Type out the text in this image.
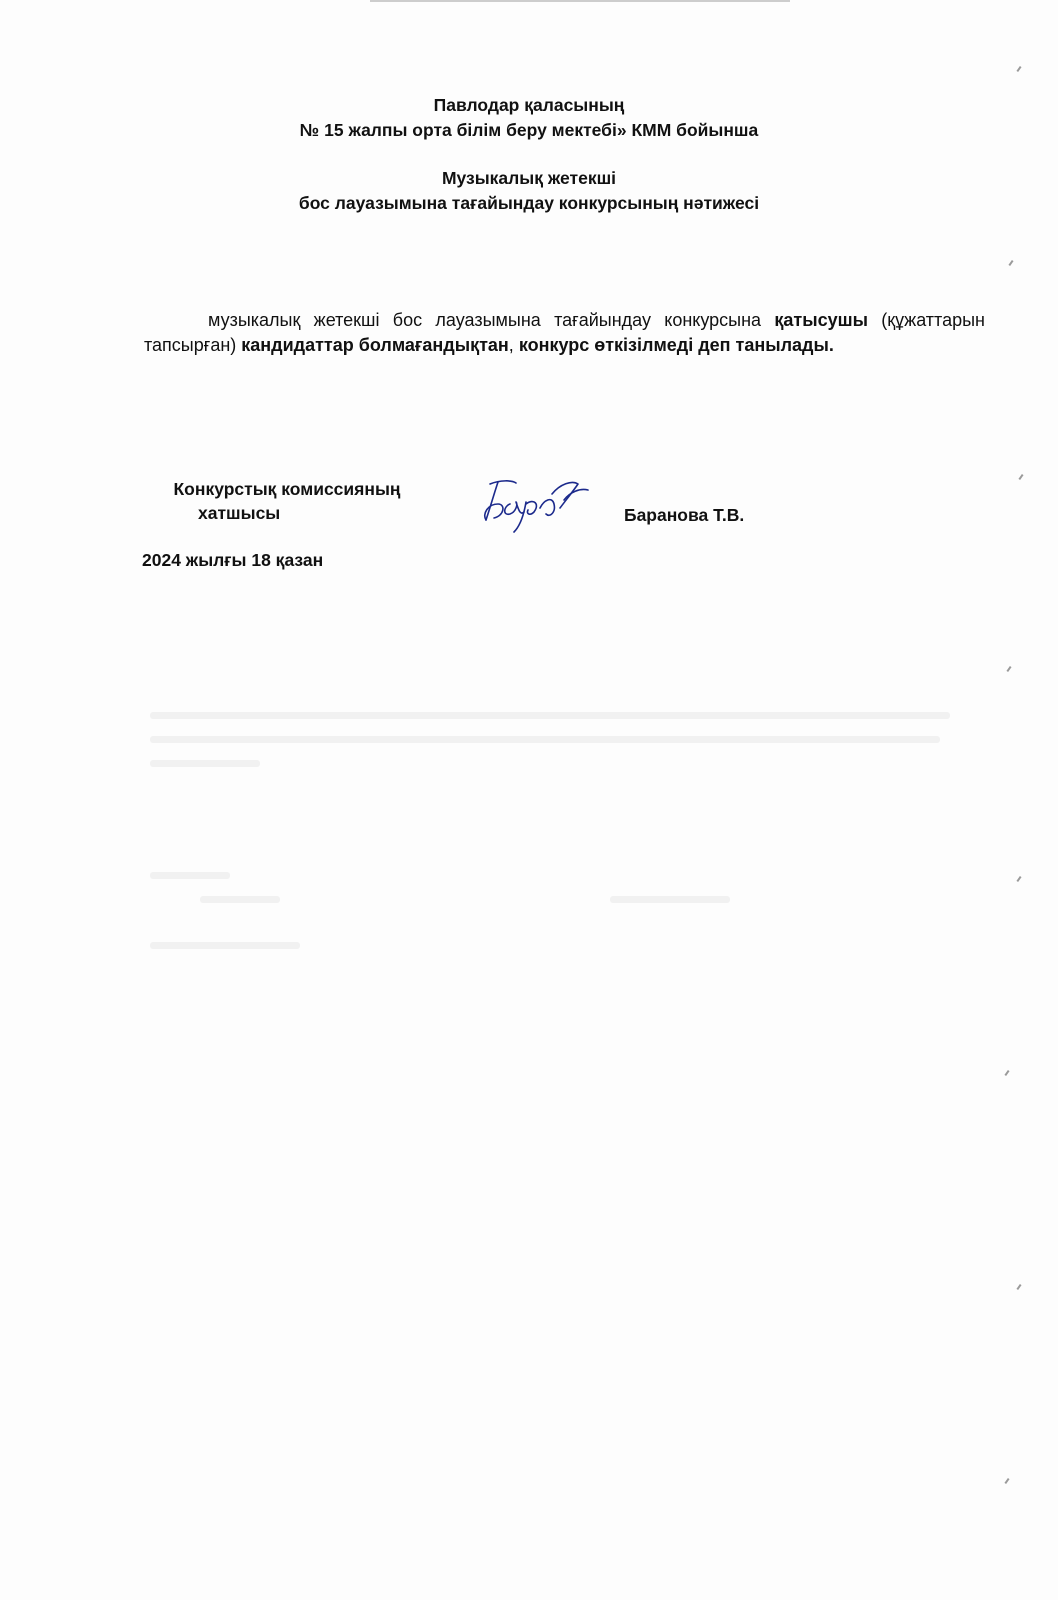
Павлодар қаласының
№ 15 жалпы орта білім беру мектебі» КММ бойынша
Музыкалық жетекші
бос лауазымына тағайындау конкурсының нәтижесі
музыкалық жетекші бос лауазымына тағайындау конкурсына қатысушы (құжаттарын тапсырған) кандидаттар болмағандықтан, конкурс өткізілмеді деп танылады.
Конкурстық комиссияның
хатшысы	Баранова Т.В.
2024 жылғы 18 қазан
